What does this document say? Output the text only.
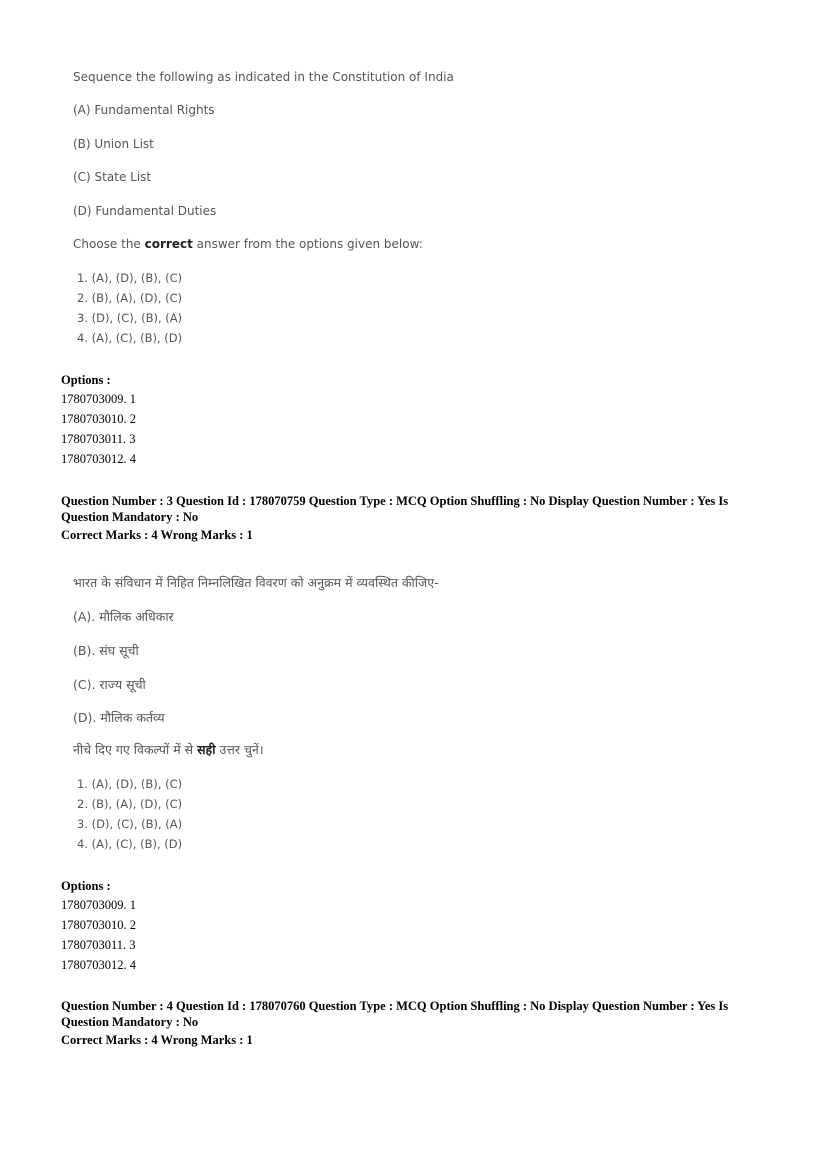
Sequence the following as indicated in the Constitution of India
(A) Fundamental Rights
(B) Union List
(C) State List
(D) Fundamental Duties
Choose the correct answer from the options given below:
1. (A), (D), (B), (C)
2. (B), (A), (D), (C)
3. (D), (C), (B), (A)
4. (A), (C), (B), (D)
Options :
1780703009. 1
1780703010. 2
1780703011. 3
1780703012. 4
Question Number : 3 Question Id : 178070759 Question Type : MCQ Option Shuffling : No Display Question Number : Yes Is
Question Mandatory : No
Correct Marks : 4 Wrong Marks : 1
भारत के संविधान में निहित निम्नलिखित विवरण को अनुक्रम में व्यवस्थित कीजिए-
(A). मौलिक अधिकार
(B). संघ सूची
(C). राज्य सूची
(D). मौलिक कर्तव्य
नीचे दिए गए विकल्पों में से सही उत्तर चुनें।
1. (A), (D), (B), (C)
2. (B), (A), (D), (C)
3. (D), (C), (B), (A)
4. (A), (C), (B), (D)
Options :
1780703009. 1
1780703010. 2
1780703011. 3
1780703012. 4
Question Number : 4 Question Id : 178070760 Question Type : MCQ Option Shuffling : No Display Question Number : Yes Is
Question Mandatory : No
Correct Marks : 4 Wrong Marks : 1
